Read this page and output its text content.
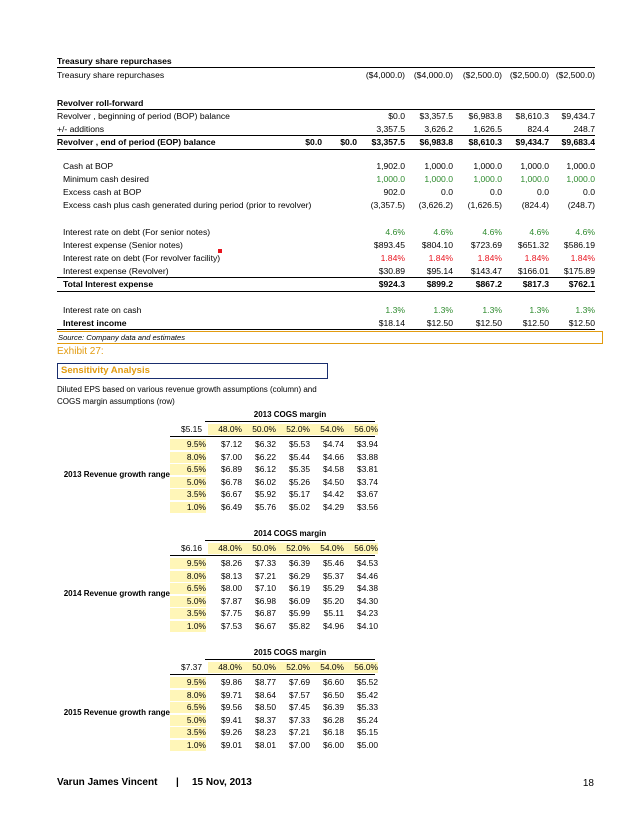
Treasury share repurchases
Treasury share repurchases	($4,000.0)	($4,000.0)	($2,500.0) ($2,500.0) ($2,500.0)
Revolver roll-forward
Revolver , beginning of period (BOP) balance	$0.0	$3,357.5	$6,983.8	$8,610.3	$9,434.7
+/- additions	3,357.5	3,626.2	1,626.5	824.4	248.7
Revolver , end of period (EOP) balance	$0.0	$0.0	$3,357.5	$6,983.8	$8,610.3	$9,434.7	$9,683.4
Cash at BOP	1,902.0	1,000.0	1,000.0	1,000.0	1,000.0
Minimum cash desired	1,000.0	1,000.0	1,000.0	1,000.0	1,000.0
Excess cash at BOP	902.0	0.0	0.0	0.0	0.0
Excess cash plus cash generated during period (prior to revolver)	(3,357.5)	(3,626.2)	(1,626.5)	(824.4)	(248.7)
Interest rate on debt (For senior notes)	4.6%	4.6%	4.6%	4.6%	4.6%
Interest expense (Senior notes)	$893.45	$804.10	$723.69	$651.32	$586.19
Interest rate on debt (For revolver facility)	1.84%	1.84%	1.84%	1.84%	1.84%
Interest expense (Revolver)	$30.89	$95.14	$143.47	$166.01	$175.89
Total Interest expense	$924.3	$899.2	$867.2	$817.3	$762.1
Interest rate on cash	1.3%	1.3%	1.3%	1.3%	1.3%
Interest income	$18.14	$12.50	$12.50	$12.50	$12.50
Source: Company data and estimates
Exhibit 27:
Sensitivity Analysis
Diluted EPS based on various revenue growth assumptions (column) and
COGS margin assumptions (row)
2013 COGS margin
$5.15	48.0%	50.0%	52.0%	54.0%	56.0%
9.5%	$7.12	$6.32	$5.53	$4.74	$3.94
8.0%	$7.00	$6.22	$5.44	$4.66	$3.88
6.5%	$6.89	$6.12	$5.35	$4.58	$3.81
5.0%	$6.78	$6.02	$5.26	$4.50	$3.74
3.5%	$6.67	$5.92	$5.17	$4.42	$3.67
1.0%	$6.49	$5.76	$5.02	$4.29	$3.56
2013 Revenue growth range
2014 COGS margin
$6.16	48.0%	50.0%	52.0%	54.0%	56.0%
9.5%	$8.26	$7.33	$6.39	$5.46	$4.53
8.0%	$8.13	$7.21	$6.29	$5.37	$4.46
6.5%	$8.00	$7.10	$6.19	$5.29	$4.38
5.0%	$7.87	$6.98	$6.09	$5.20	$4.30
3.5%	$7.75	$6.87	$5.99	$5.11	$4.23
1.0%	$7.53	$6.67	$5.82	$4.96	$4.10
2014 Revenue growth range
2015 COGS margin
$7.37	48.0%	50.0%	52.0%	54.0%	56.0%
9.5%	$9.86	$8.77	$7.69	$6.60	$5.52
8.0%	$9.71	$8.64	$7.57	$6.50	$5.42
6.5%	$9.56	$8.50	$7.45	$6.39	$5.33
5.0%	$9.41	$8.37	$7.33	$6.28	$5.24
3.5%	$9.26	$8.23	$7.21	$6.18	$5.15
1.0%	$9.01	$8.01	$7.00	$6.00	$5.00
2015 Revenue growth range
Varun James Vincent | 15 Nov, 2013	18
